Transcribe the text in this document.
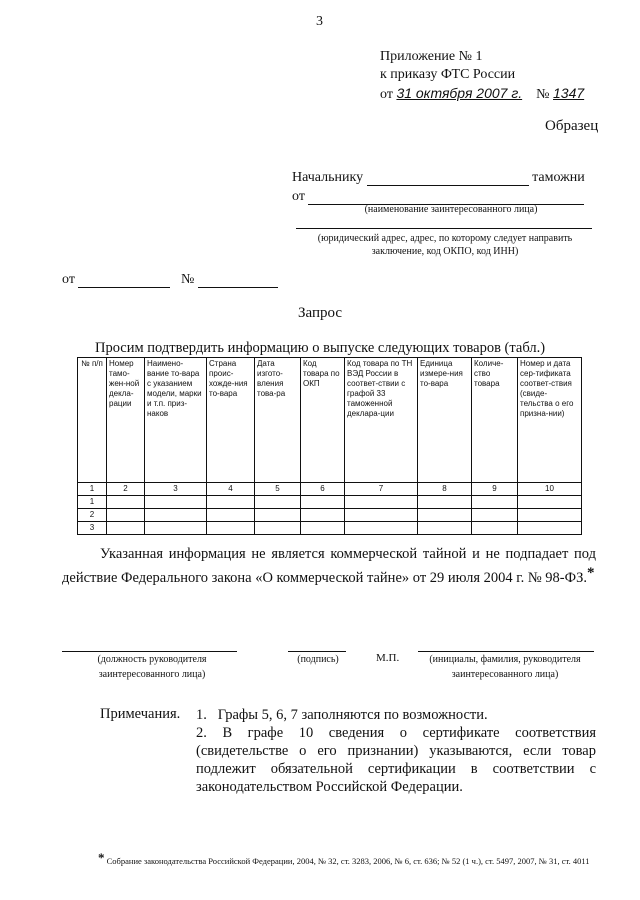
3
Приложение № 1
к приказу ФТС России
от 31 октября 2007 г. № 1347
Образец
Начальнику	таможни
от
(наименование заинтересованного лица)
(юридический адрес, адрес, по которому следует направить заключение, код ОКПО, код ИНН)
от	№
Запрос
Просим подтвердить информацию о выпуске следующих товаров (табл.)
№ п/п	Номер тамо-жен-ной декла-рации	Наимено-вание то-вара с указанием модели, марки и т.п. приз-наков	Страна проис-хожде-ния то-вара	Дата изгото-вления това-ра	Код товара по ОКП	Код товара по ТН ВЭД России в соответ-ствии с графой 33 таможенной деклара-ции	Единица измере-ния то-вара	Количе-ство товара	Номер и дата сер-тификата соответ-ствия (свиде-тельства о его призна-нии)
1	2	3	4	5	6	7	8	9	10
1									
2									
3									
Указанная информация не является коммерческой тайной и не подпадает под действие Федерального закона «О коммерческой тайне» от 29 июля 2004 г. № 98-ФЗ.*
(должность руководителя заинтересованного лица)
(подпись)	М.П.	(инициалы, фамилия, руководителя заинтересованного лица)
Примечания. 1.   Графы 5, 6, 7 заполняются по возможности.

2. В графе 10 сведения о сертификате соответствия (свидетельстве о его признании) указываются, если товар подлежит обязательной сертификации в соответствии с законодательством Российской Федерации.

* Собрание законодательства Российской Федерации, 2004, № 32, ст. 3283, 2006, № 6, ст. 636; № 52 (1 ч.), ст. 5497, 2007, № 31, ст. 4011
